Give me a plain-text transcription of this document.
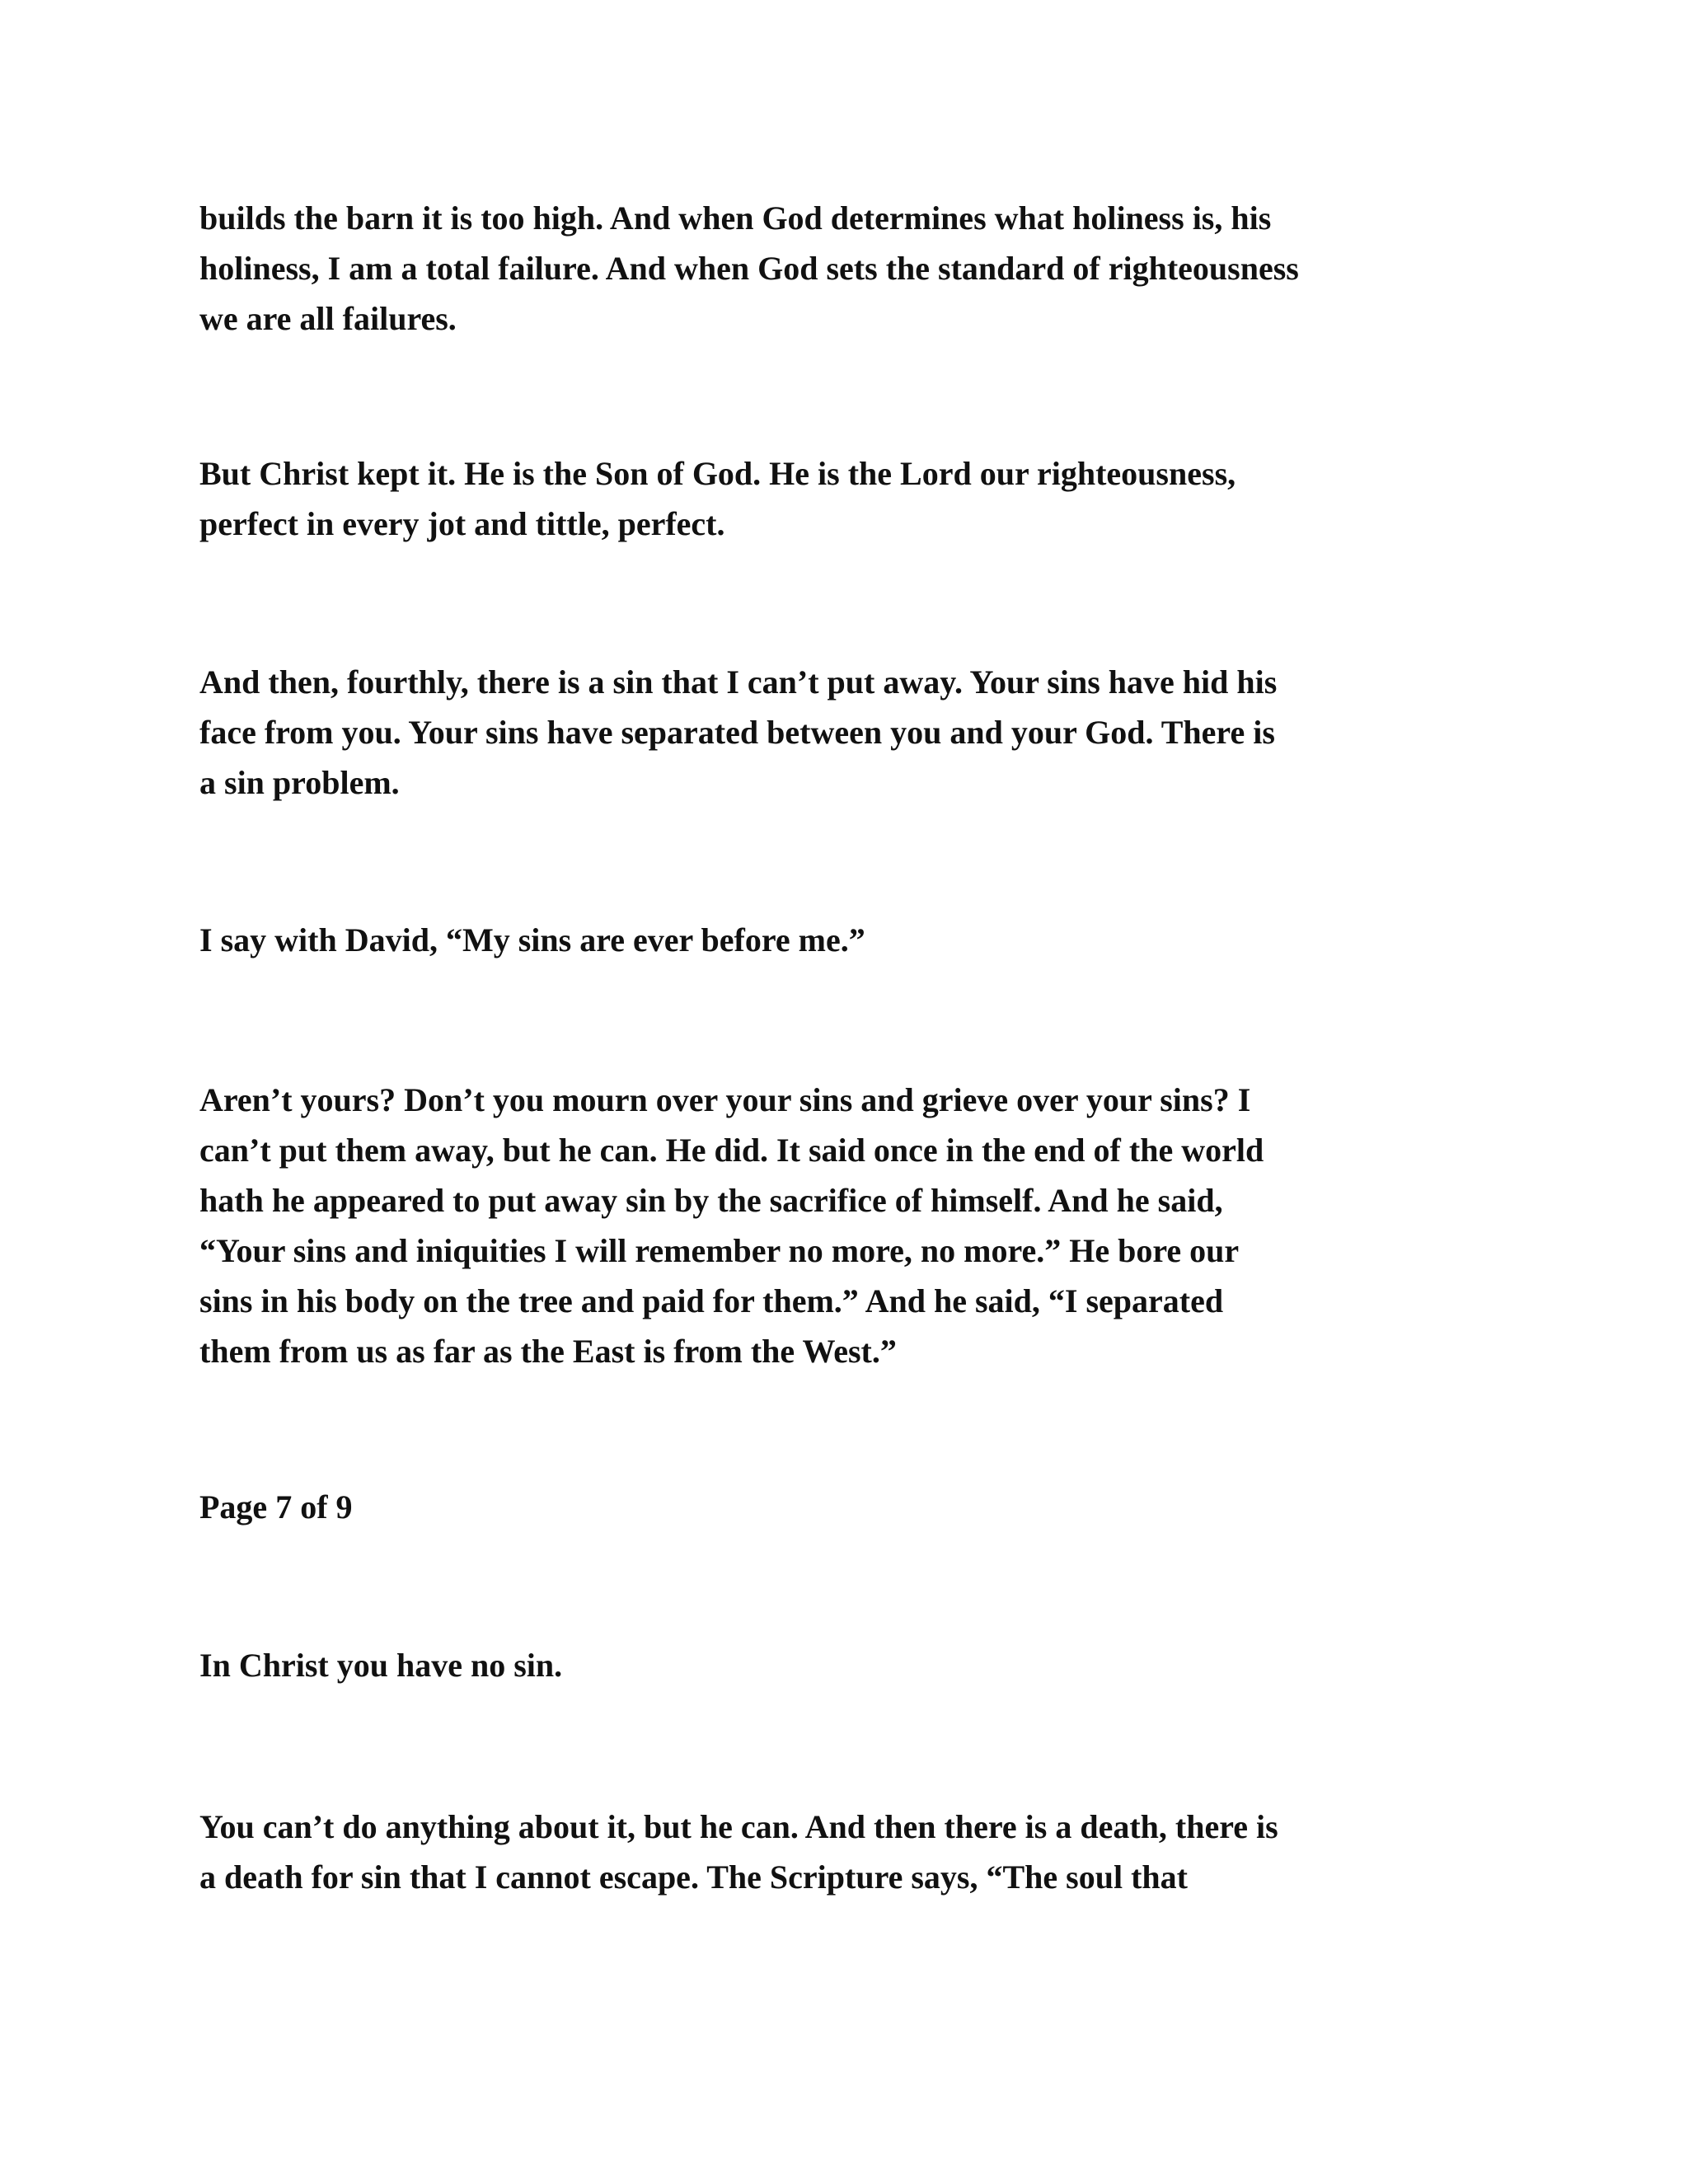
builds the barn it is too high. And when God determines what holiness is, his
holiness, I am a total failure. And when God sets the standard of righteousness
we are all failures.

But Christ kept it. He is the Son of God. He is the Lord our righteousness,
perfect in every jot and tittle, perfect.

And then, fourthly, there is a sin that I can’t put away. Your sins have hid his
face from you. Your sins have separated between you and your God. There is
a sin problem.

I say with David, “My sins are ever before me.”

Aren’t yours? Don’t you mourn over your sins and grieve over your sins? I
can’t put them away, but he can. He did. It said once in the end of the world
hath he appeared to put away sin by the sacrifice of himself. And he said,
“Your sins and iniquities I will remember no more, no more.” He bore our
sins in his body on the tree and paid for them.” And he said, “I separated
them from us as far as the East is from the West.”

Page 7 of 9

In Christ you have no sin.

You can’t do anything about it, but he can. And then there is a death, there is
a death for sin that I cannot escape. The Scripture says, “The soul that
